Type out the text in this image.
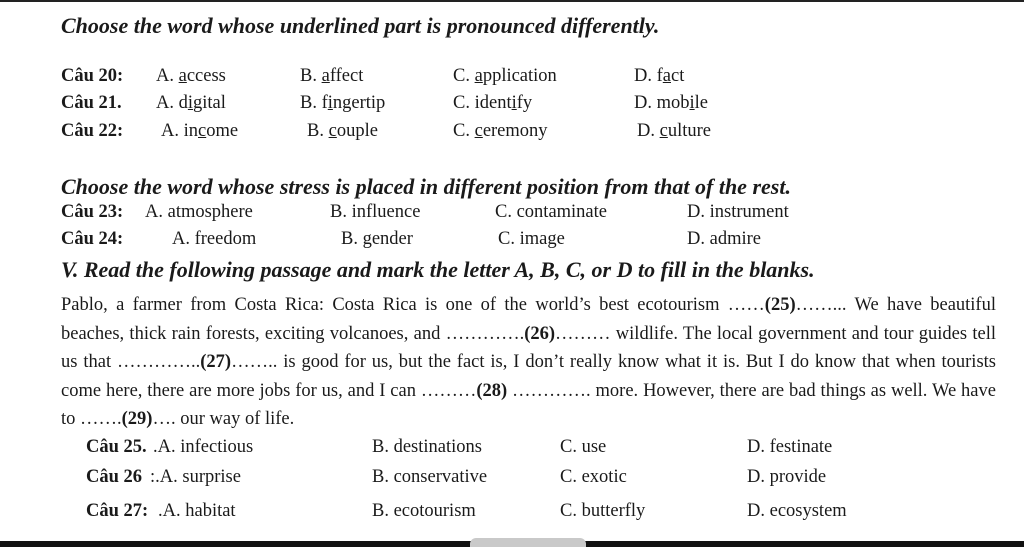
Choose the word whose underlined part is pronounced differently.
Câu 20: A. access	B. affect	C. application	D. fact
Câu 21. A. digital	B. fingertip	C. identify	D. mobile
Câu 22: A. income	B. couple	C. ceremony	D. culture
Choose the word whose stress is placed in different position from that of the rest.
Câu 23: A. atmosphere	B. influence	C. contaminate	D. instrument
Câu 24:	A. freedom	B. gender	C. image	D. admire
V. Read the following passage and mark the letter A, B, C, or D to fill in the blanks.
Pablo, a farmer from Costa Rica: Costa Rica is one of the world’s best ecotourism ……(25)……... We have beautiful beaches, thick rain forests, exciting volcanoes, and ………….(26)……… wildlife. The local government and tour guides tell us that …………..(27)…….. is good for us, but the fact is, I don’t really know what it is. But I do know that when tourists come here, there are more jobs for us, and I can ………(28) …………. more. However, there are bad things as well. We have to …….(29)…. our way of life.
Câu 25. .A. infectious	B. destinations	C. use	D. festinate
Câu 26 :.A. surprise	B. conservative	C. exotic	D. provide
Câu 27: .A. habitat	B. ecotourism	C. butterfly	D. ecosystem
